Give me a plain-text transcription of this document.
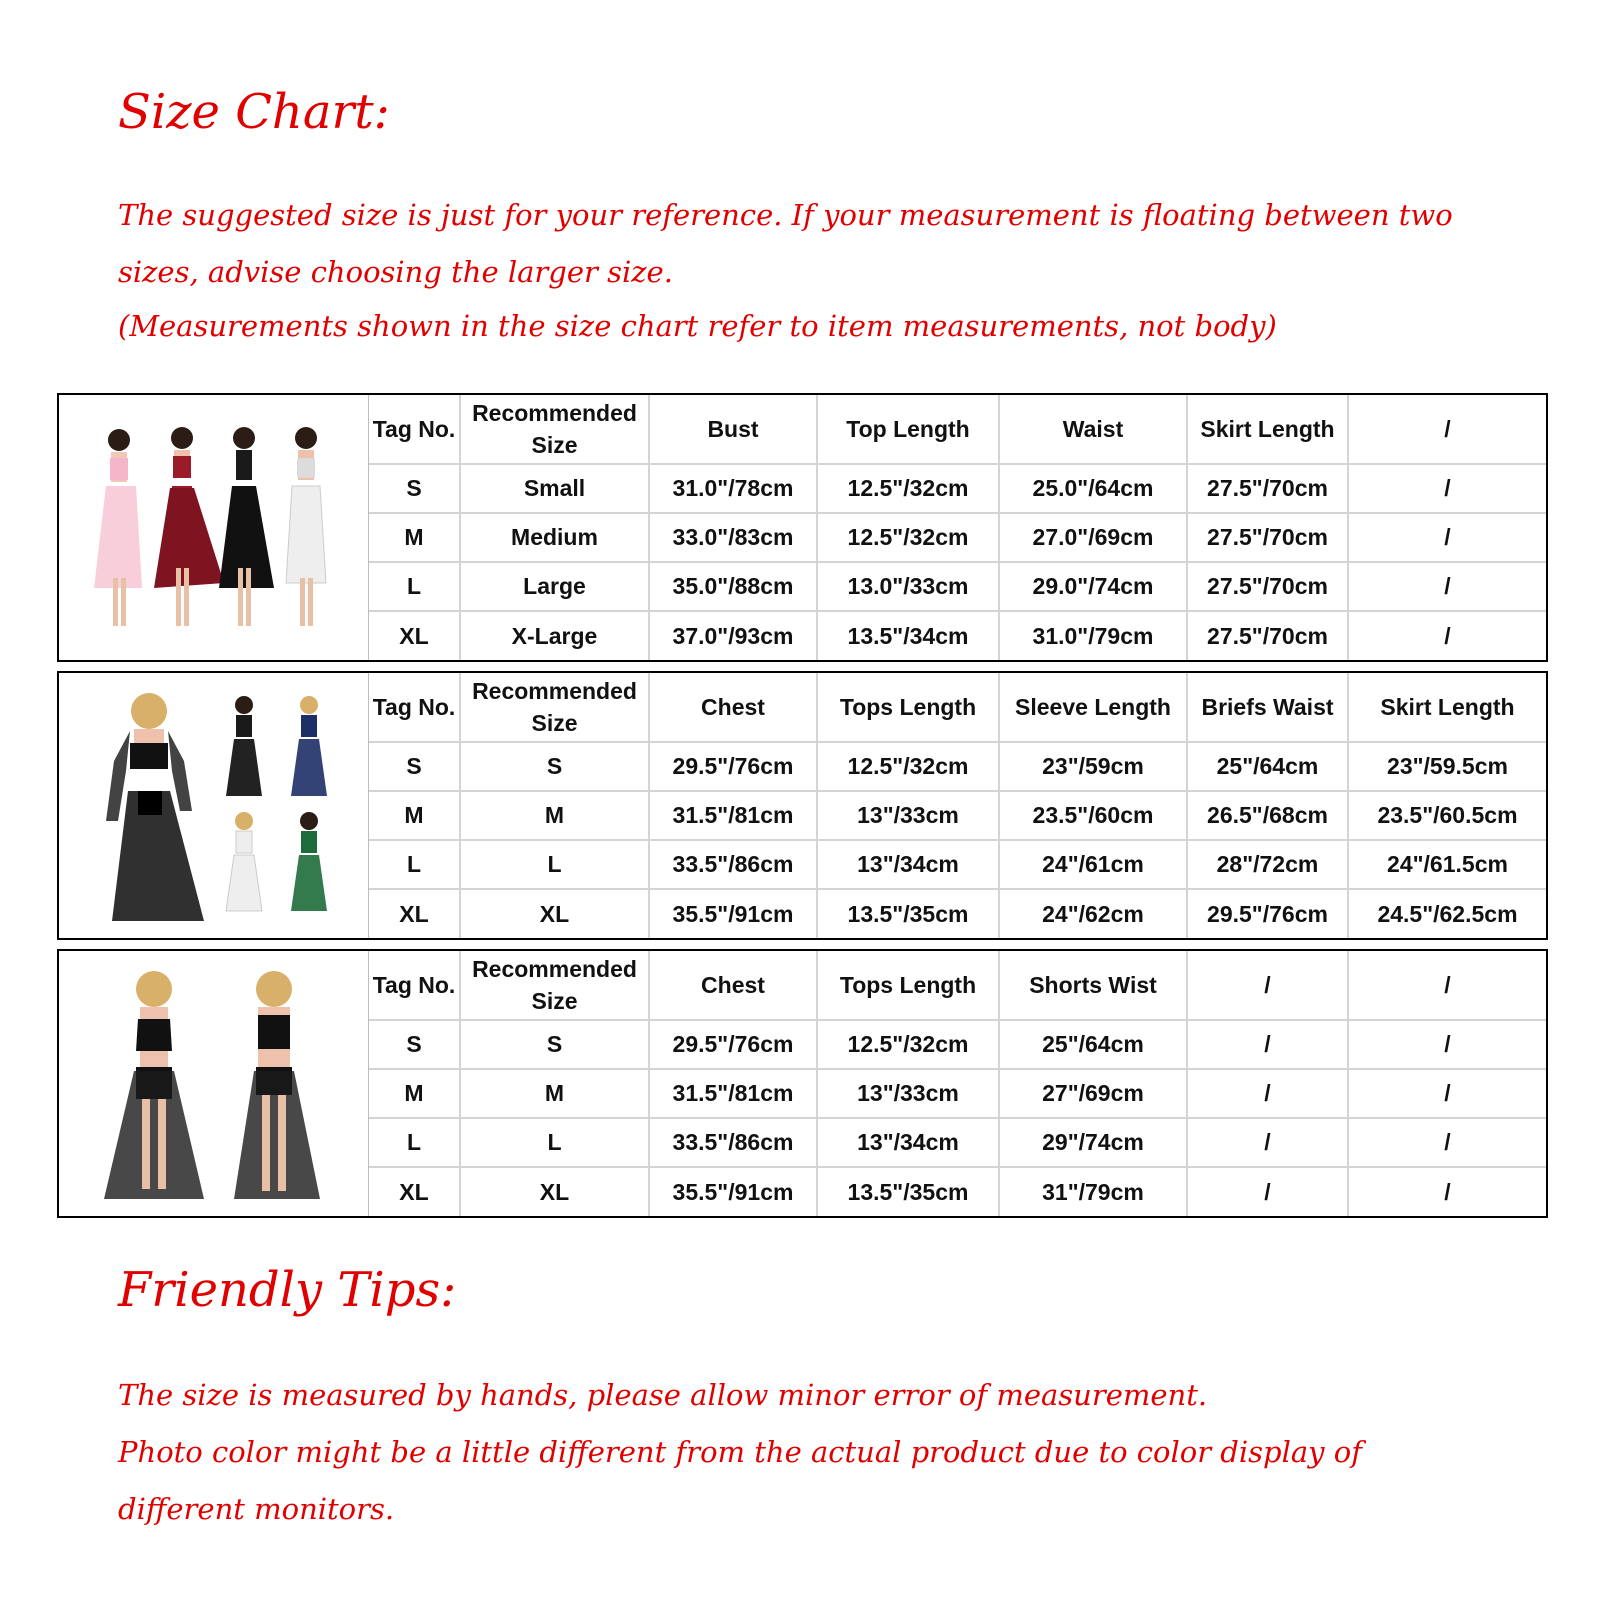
Size Chart:

The suggested size is just for your reference. If your measurement is floating between two sizes, advise choosing the larger size.

(Measurements shown in the size chart refer to item measurements, not body)

Tag No.	Recommended Size	Bust	Top Length	Waist	Skirt Length	/
S	Small	31.0"/78cm	12.5"/32cm	25.0"/64cm	27.5"/70cm	/
M	Medium	33.0"/83cm	12.5"/32cm	27.0"/69cm	27.5"/70cm	/
L	Large	35.0"/88cm	13.0"/33cm	29.0"/74cm	27.5"/70cm	/
XL	X-Large	37.0"/93cm	13.5"/34cm	31.0"/79cm	27.5"/70cm	/
Tag No.	Recommended Size	Chest	Tops Length	Sleeve Length	Briefs Waist	Skirt Length
S	S	29.5"/76cm	12.5"/32cm	23"/59cm	25"/64cm	23"/59.5cm
M	M	31.5"/81cm	13"/33cm	23.5"/60cm	26.5"/68cm	23.5"/60.5cm
L	L	33.5"/86cm	13"/34cm	24"/61cm	28"/72cm	24"/61.5cm
XL	XL	35.5"/91cm	13.5"/35cm	24"/62cm	29.5"/76cm	24.5"/62.5cm
Tag No.	Recommended Size	Chest	Tops Length	Shorts Wist	/	/
S	S	29.5"/76cm	12.5"/32cm	25"/64cm	/	/
M	M	31.5"/81cm	13"/33cm	27"/69cm	/	/
L	L	33.5"/86cm	13"/34cm	29"/74cm	/	/
XL	XL	35.5"/91cm	13.5"/35cm	31"/79cm	/	/
Friendly Tips:

The size is measured by hands, please allow minor error of measurement.

Photo color might be a little different from the actual product due to color display of different monitors.
